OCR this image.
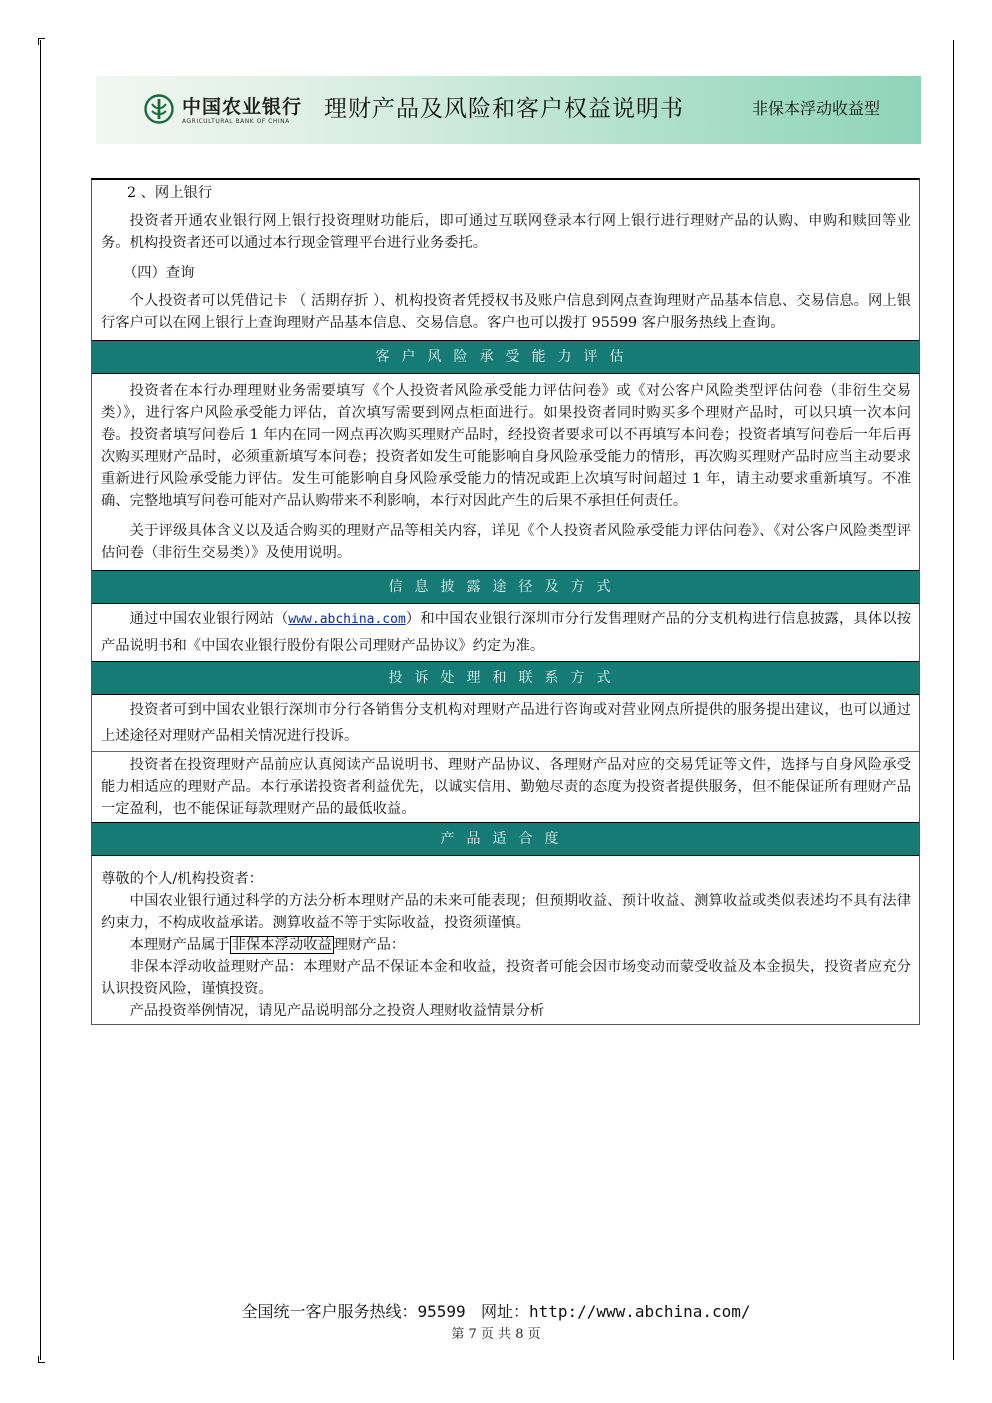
中国农业银行
AGRICULTURAL BANK OF CHINA 理财产品及风险和客户权益说明书	非保本浮动收益型

2 、网上银行

投资者开通农业银行网上银行投资理财功能后，即可通过互联网登录本行网上银行进行理财产品的认购、申购和赎回等业务。机构投资者还可以通过本行现金管理平台进行业务委托。

（四）查询

个人投资者可以凭借记卡 （ 活期存折 ）、机构投资者凭授权书及账户信息到网点查询理财产品基本信息、交易信息。网上银行客户可以在网上银行上查询理财产品基本信息、交易信息。客户也可以拨打 95599 客户服务热线上查询。

客户风险承受能力评估

投资者在本行办理理财业务需要填写《个人投资者风险承受能力评估问卷》或《对公客户风险类型评估问卷（非衍生交易类）》，进行客户风险承受能力评估，首次填写需要到网点柜面进行。如果投资者同时购买多个理财产品时，可以只填一次本问卷。投资者填写问卷后 1 年内在同一网点再次购买理财产品时，经投资者要求可以不再填写本问卷；投资者填写问卷后一年后再次购买理财产品时，必须重新填写本问卷；投资者如发生可能影响自身风险承受能力的情形，再次购买理财产品时应当主动要求重新进行风险承受能力评估。发生可能影响自身风险承受能力的情况或距上次填写时间超过 1 年，请主动要求重新填写。不准确、完整地填写问卷可能对产品认购带来不利影响，本行对因此产生的后果不承担任何责任。

关于评级具体含义以及适合购买的理财产品等相关内容，详见《个人投资者风险承受能力评估问卷》、《对公客户风险类型评估问卷（非衍生交易类）》及使用说明。

信息披露途径及方式

通过中国农业银行网站（www.abchina.com）和中国农业银行深圳市分行发售理财产品的分支机构进行信息披露，具体以按产品说明书和《中国农业银行股份有限公司理财产品协议》约定为准。

投诉处理和联系方式

投资者可到中国农业银行深圳市分行各销售分支机构对理财产品进行咨询或对营业网点所提供的服务提出建议，也可以通过上述途径对理财产品相关情况进行投诉。

投资者在投资理财产品前应认真阅读产品说明书、理财产品协议、各理财产品对应的交易凭证等文件，选择与自身风险承受能力相适应的理财产品。本行承诺投资者利益优先，以诚实信用、勤勉尽责的态度为投资者提供服务，但不能保证所有理财产品一定盈利，也不能保证每款理财产品的最低收益。

产品适合度

尊敬的个人/机构投资者：

中国农业银行通过科学的方法分析本理财产品的未来可能表现；但预期收益、预计收益、测算收益或类似表述均不具有法律约束力，不构成收益承诺。测算收益不等于实际收益，投资须谨慎。

本理财产品属于 非保本浮动收益 理财产品：

非保本浮动收益理财产品：本理财产品不保证本金和收益，投资者可能会因市场变动而蒙受收益及本金损失，投资者应充分认识投资风险，谨慎投资。

产品投资举例情况，请见产品说明部分之投资人理财收益情景分析

全国统一客户服务热线：95599 网址：http://www.abchina.com/
第 7 页 共 8 页
